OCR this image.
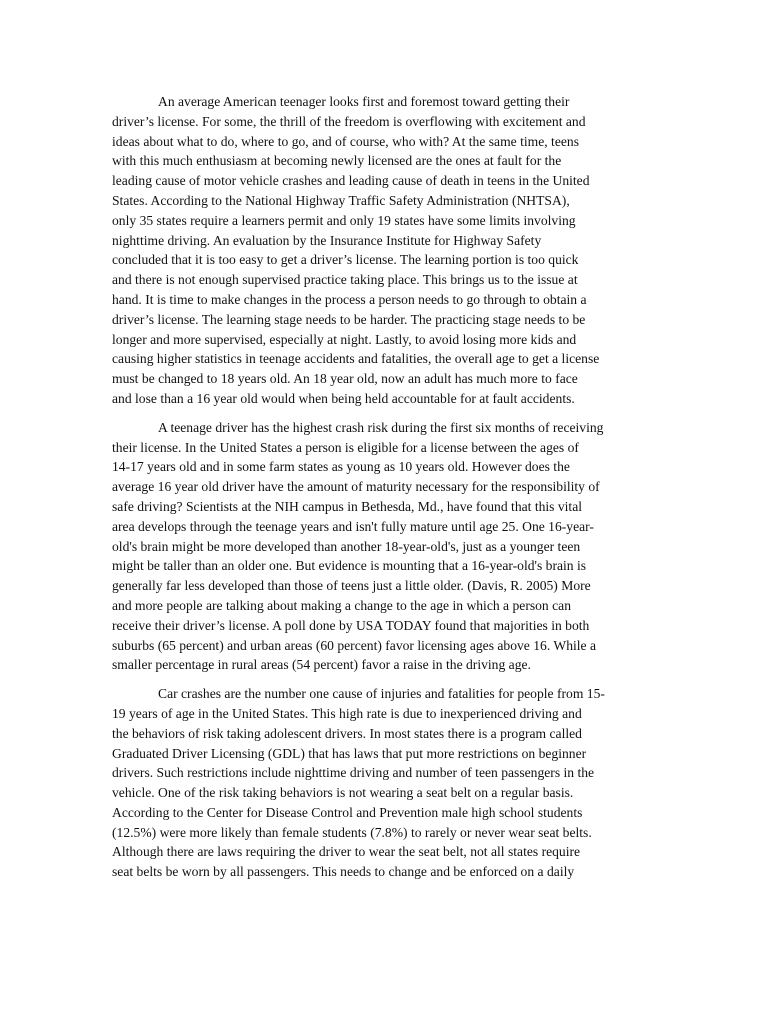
An average American teenager looks first and foremost toward getting their
driver’s license. For some, the thrill of the freedom is overflowing with excitement and
ideas about what to do, where to go, and of course, who with? At the same time, teens
with this much enthusiasm at becoming newly licensed are the ones at fault for the
leading cause of motor vehicle crashes and leading cause of death in teens in the United
States. According to the National Highway Traffic Safety Administration (NHTSA),
only 35 states require a learners permit and only 19 states have some limits involving
nighttime driving. An evaluation by the Insurance Institute for Highway Safety
concluded that it is too easy to get a driver’s license. The learning portion is too quick
and there is not enough supervised practice taking place. This brings us to the issue at
hand. It is time to make changes in the process a person needs to go through to obtain a
driver’s license. The learning stage needs to be harder. The practicing stage needs to be
longer and more supervised, especially at night. Lastly, to avoid losing more kids and
causing higher statistics in teenage accidents and fatalities, the overall age to get a license
must be changed to 18 years old. An 18 year old, now an adult has much more to face
and lose than a 16 year old would when being held accountable for at fault accidents.
A teenage driver has the highest crash risk during the first six months of receiving
their license. In the United States a person is eligible for a license between the ages of
14-17 years old and in some farm states as young as 10 years old. However does the
average 16 year old driver have the amount of maturity necessary for the responsibility of
safe driving? Scientists at the NIH campus in Bethesda, Md., have found that this vital
area develops through the teenage years and isn't fully mature until age 25. One 16-year-
old's brain might be more developed than another 18-year-old's, just as a younger teen
might be taller than an older one. But evidence is mounting that a 16-year-old's brain is
generally far less developed than those of teens just a little older. (Davis, R. 2005) More
and more people are talking about making a change to the age in which a person can
receive their driver’s license. A poll done by USA TODAY found that majorities in both
suburbs (65 percent) and urban areas (60 percent) favor licensing ages above 16. While a
smaller percentage in rural areas (54 percent) favor a raise in the driving age.
Car crashes are the number one cause of injuries and fatalities for people from 15-
19 years of age in the United States. This high rate is due to inexperienced driving and
the behaviors of risk taking adolescent drivers. In most states there is a program called
Graduated Driver Licensing (GDL) that has laws that put more restrictions on beginner
drivers. Such restrictions include nighttime driving and number of teen passengers in the
vehicle. One of the risk taking behaviors is not wearing a seat belt on a regular basis.
According to the Center for Disease Control and Prevention male high school students
(12.5%) were more likely than female students (7.8%) to rarely or never wear seat belts.
Although there are laws requiring the driver to wear the seat belt, not all states require
seat belts be worn by all passengers. This needs to change and be enforced on a daily
